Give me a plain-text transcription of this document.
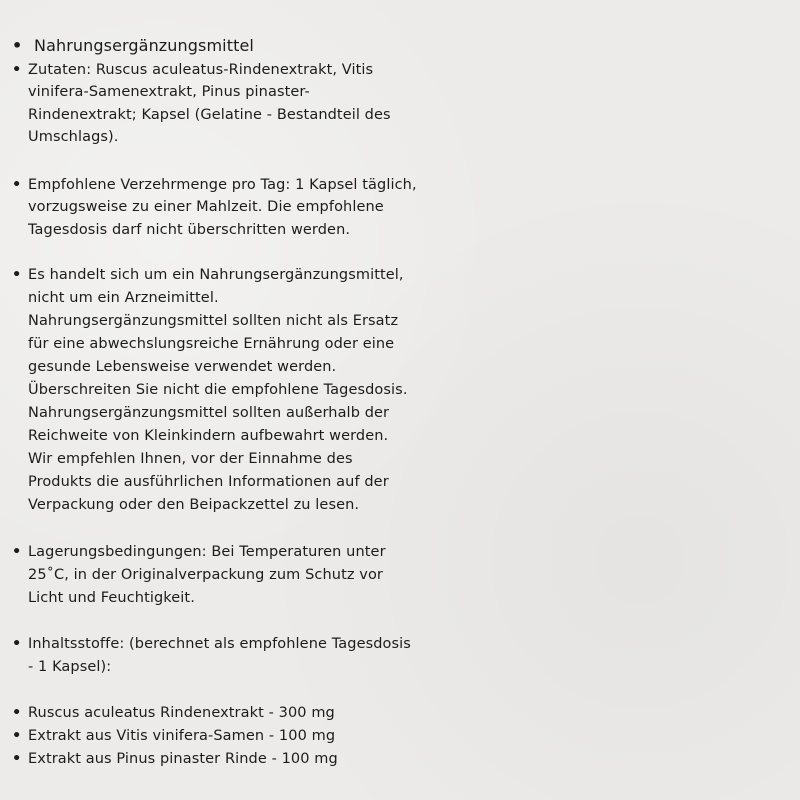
• Nahrungsergänzungsmittel
• Zutaten: Ruscus aculeatus-Rindenextrakt, Vitis
vinifera-Samenextrakt, Pinus pinaster-
Rindenextrakt; Kapsel (Gelatine - Bestandteil des
Umschlags).
• Empfohlene Verzehrmenge pro Tag: 1 Kapsel täglich,
vorzugsweise zu einer Mahlzeit. Die empfohlene
Tagesdosis darf nicht überschritten werden.
• Es handelt sich um ein Nahrungsergänzungsmittel,
nicht um ein Arzneimittel.
Nahrungsergänzungsmittel sollten nicht als Ersatz
für eine abwechslungsreiche Ernährung oder eine
gesunde Lebensweise verwendet werden.
Überschreiten Sie nicht die empfohlene Tagesdosis.
Nahrungsergänzungsmittel sollten außerhalb der
Reichweite von Kleinkindern aufbewahrt werden.
Wir empfehlen Ihnen, vor der Einnahme des
Produkts die ausführlichen Informationen auf der
Verpackung oder den Beipackzettel zu lesen.
• Lagerungsbedingungen: Bei Temperaturen unter
25˚C, in der Originalverpackung zum Schutz vor
Licht und Feuchtigkeit.
• Inhaltsstoffe: (berechnet als empfohlene Tagesdosis
- 1 Kapsel):
• Ruscus aculeatus Rindenextrakt - 300 mg
• Extrakt aus Vitis vinifera-Samen - 100 mg
• Extrakt aus Pinus pinaster Rinde - 100 mg
